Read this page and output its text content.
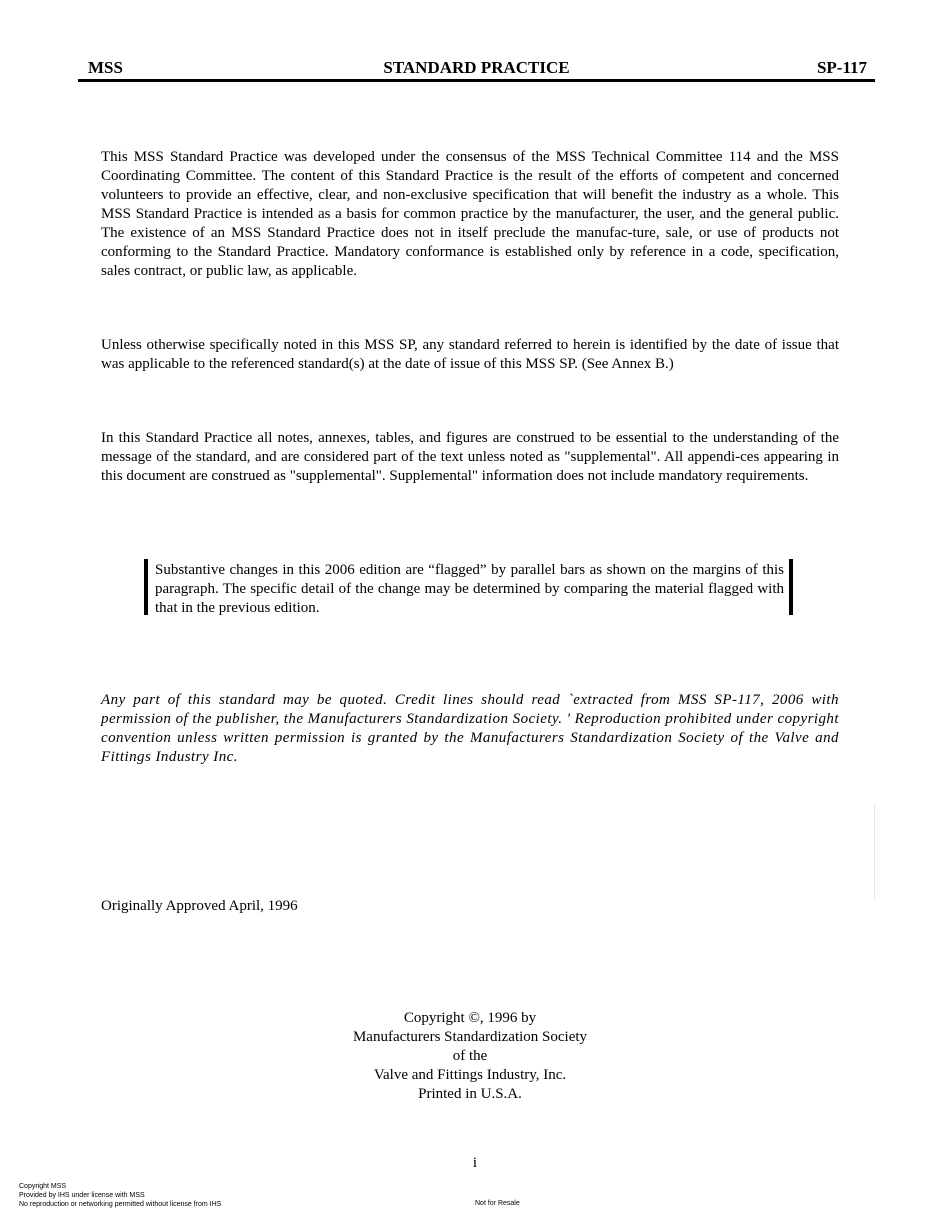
MSS	STANDARD PRACTICE	SP-117

This MSS Standard Practice was developed under the consensus of the MSS Technical Committee 114 and the MSS Coordinating Committee. The content of this Standard Practice is the result of the efforts of competent and concerned volunteers to provide an effective, clear, and non-exclusive specification that will benefit the industry as a whole. This MSS Standard Practice is intended as a basis for common practice by the manufacturer, the user, and the general public. The existence of an MSS Standard Practice does not in itself preclude the manufac-ture, sale, or use of products not conforming to the Standard Practice. Mandatory conformance is established only by reference in a code, specification, sales contract, or public law, as applicable.

Unless otherwise specifically noted in this MSS SP, any standard referred to herein is identified by the date of issue that was applicable to the referenced standard(s) at the date of issue of this MSS SP. (See Annex B.)

In this Standard Practice all notes, annexes, tables, and figures are construed to be essential to the understanding of the message of the standard, and are considered part of the text unless noted as "supplemental". All appendi-ces appearing in this document are construed as "supplemental". Supplemental" information does not include mandatory requirements.

Substantive changes in this 2006 edition are “flagged” by parallel bars as shown on the margins of this paragraph. The specific detail of the change may be determined by comparing the material flagged with that in the previous edition.

Any part of this standard may be quoted. Credit lines should read `extracted from MSS SP-117, 2006 with permission of the publisher, the Manufacturers Standardization Society. ' Reproduction prohibited under copyright convention unless written permission is granted by the Manufacturers Standardization Society of the Valve and Fittings Industry Inc.

Originally Approved April, 1996

Copyright ©, 1996 by
Manufacturers Standardization Society
of the
Valve and Fittings Industry, Inc.
Printed in U.S.A.
i
Copyright MSS
Provided by IHS under license with MSS
No reproduction or networking permitted without license from IHS	Not for Resale
